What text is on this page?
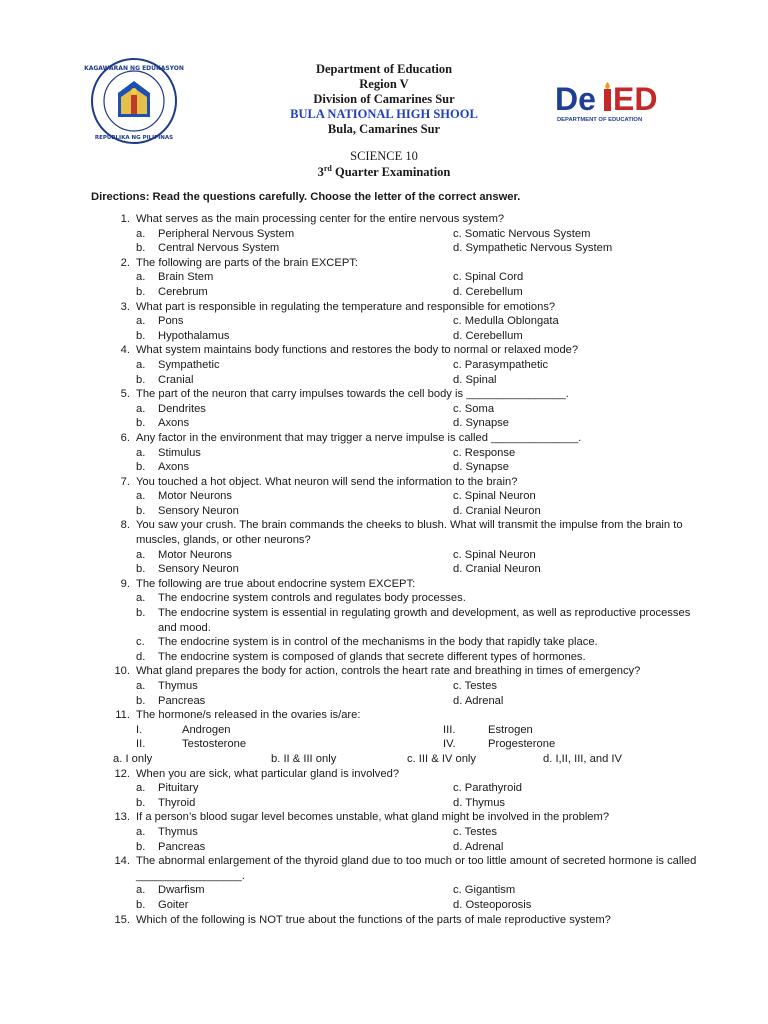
KAGAWARAN NG EDUKASYON
REPUBLIKA NG PILIPINAS
De ED
DEPARTMENT OF EDUCATION
Department of Education
Region V
Division of Camarines Sur
BULA NATIONAL HIGH SHOOL
Bula, Camarines Sur
SCIENCE 10
3rd Quarter Examination
Directions: Read the questions carefully. Choose the letter of the correct answer.
1. What serves as the main processing center for the entire nervous system?
a. Peripheral Nervous System	c. Somatic Nervous System
b. Central Nervous System	d. Sympathetic Nervous System
2. The following are parts of the brain EXCEPT:
a. Brain Stem	c. Spinal Cord
b. Cerebrum	d. Cerebellum
3. What part is responsible in regulating the temperature and responsible for emotions?
a. Pons	c. Medulla Oblongata
b. Hypothalamus	d. Cerebellum
4. What system maintains body functions and restores the body to normal or relaxed mode?
a. Sympathetic	c. Parasympathetic
b. Cranial	d. Spinal
5. The part of the neuron that carry impulses towards the cell body is ________________.
a. Dendrites	c. Soma
b. Axons	d. Synapse
6. Any factor in the environment that may trigger a nerve impulse is called ______________.
a. Stimulus	c. Response
b. Axons	d. Synapse
7. You touched a hot object. What neuron will send the information to the brain?
a. Motor Neurons	c. Spinal Neuron
b. Sensory Neuron	d. Cranial Neuron
8. You saw your crush. The brain commands the cheeks to blush. What will transmit the impulse from the brain to muscles, glands, or other neurons?
a. Motor Neurons	c. Spinal Neuron
b. Sensory Neuron	d. Cranial Neuron
9. The following are true about endocrine system EXCEPT:
a. The endocrine system controls and regulates body processes.
b. The endocrine system is essential in regulating growth and development, as well as reproductive processes and mood.
c. The endocrine system is in control of the mechanisms in the body that rapidly take place.
d. The endocrine system is composed of glands that secrete different types of hormones.
10. What gland prepares the body for action, controls the heart rate and breathing in times of emergency?
a. Thymus	c. Testes
b. Pancreas	d. Adrenal
11. The hormone/s released in the ovaries is/are:
I.	Androgen	III.	Estrogen
II.	Testosterone	IV.	Progesterone
a. I only	b. II & III only	c. III & IV only	d. I,II, III, and IV
12. When you are sick, what particular gland is involved?
a. Pituitary	c. Parathyroid
b. Thyroid	d. Thymus
13. If a person’s blood sugar level becomes unstable, what gland might be involved in the problem?
a. Thymus	c. Testes
b. Pancreas	d. Adrenal
14. The abnormal enlargement of the thyroid gland due to too much or too little amount of secreted hormone is called _________________.
a. Dwarfism	c. Gigantism
b. Goiter	d. Osteoporosis
15. Which of the following is NOT true about the functions of the parts of male reproductive system?
